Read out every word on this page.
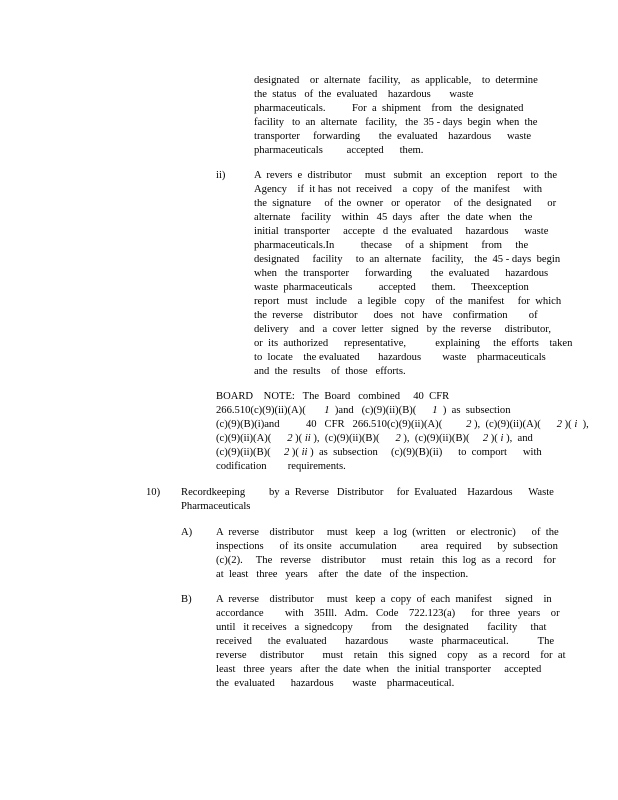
designated    or  alternate   facility,    as  applicable,    to  determine
the  status   of  the  evaluated    hazardous       waste
pharmaceuticals.          For  a  shipment    from   the  designated
facility   to  an  alternate   facility,   the  35 - days  begin  when  the
transporter     forwarding       the  evaluated    hazardous      waste
pharmaceuticals         accepted      them.
ii)	A  revers  e  distributor     must   submit   an  exception    report   to  the
Agency    if  it has  not  received    a  copy   of  the  manifest     with
the  signature     of  the  owner   or  operator     of  the  designated      or
alternate    facility    within   45  days   after   the  date  when   the
initial  transporter     accepte   d  the  evaluated     hazardous      waste
pharmaceuticals.In          thecase     of  a  shipment     from     the
designated     facility     to  an  alternate    facility,    the  45 - days  begin
when   the  transporter      forwarding       the  evaluated      hazardous
waste  pharmaceuticals          accepted      them.      Theexception
report   must   include    a  legible   copy    of  the  manifest     for  which
the  reverse    distributor      does   not   have    confirmation        of
delivery    and   a  cover  letter   signed   by  the  reverse     distributor,
or  its  authorized      representative,           explaining     the  efforts    taken
to  locate    the evaluated       hazardous        waste    pharmaceuticals
and  the  results    of  those   efforts.
BOARD    NOTE:   The  Board   combined     40  CFR
266.510(c)(9)(ii)(A)(       1  )and   (c)(9)(ii)(B)(      1  )  as  subsection
(c)(9)(B)(i)and          40   CFR   266.510(c)(9)(ii)(A)(         2 ),  (c)(9)(ii)(A)(      2 )( i  ),
(c)(9)(ii)(A)(      2 )( ii ),  (c)(9)(ii)(B)(      2 ),  (c)(9)(ii)(B)(     2 )( i ),  and
(c)(9)(ii)(B)(     2 )( ii )  as  subsection     (c)(9)(B)(ii)      to  comport      with
codification        requirements.
10) Recordkeeping         by  a  Reverse   Distributor     for  Evaluated    Hazardous      Waste
Pharmaceuticals
A) A  reverse    distributor     must   keep   a  log  (written    or  electronic)      of  the
inspections      of  its onsite   accumulation         area   required      by  subsection
(c)(2).     The   reverse    distributor      must   retain   this  log  as  a  record    for
at  least   three   years    after   the  date   of  the  inspection.
B) A  reverse    distributor     must   keep  a  copy  of  each  manifest     signed    in
accordance        with    35Ill.   Adm.   Code    722.123(a)      for  three   years    or
until   it receives   a  signedcopy       from     the  designated       facility     that
received      the  evaluated       hazardous        waste   pharmaceutical.           The
reverse     distributor       must    retain    this  signed    copy    as  a  record    for  at
least   three  years   after  the  date  when   the  initial  transporter     accepted
the  evaluated      hazardous       waste    pharmaceutical.
